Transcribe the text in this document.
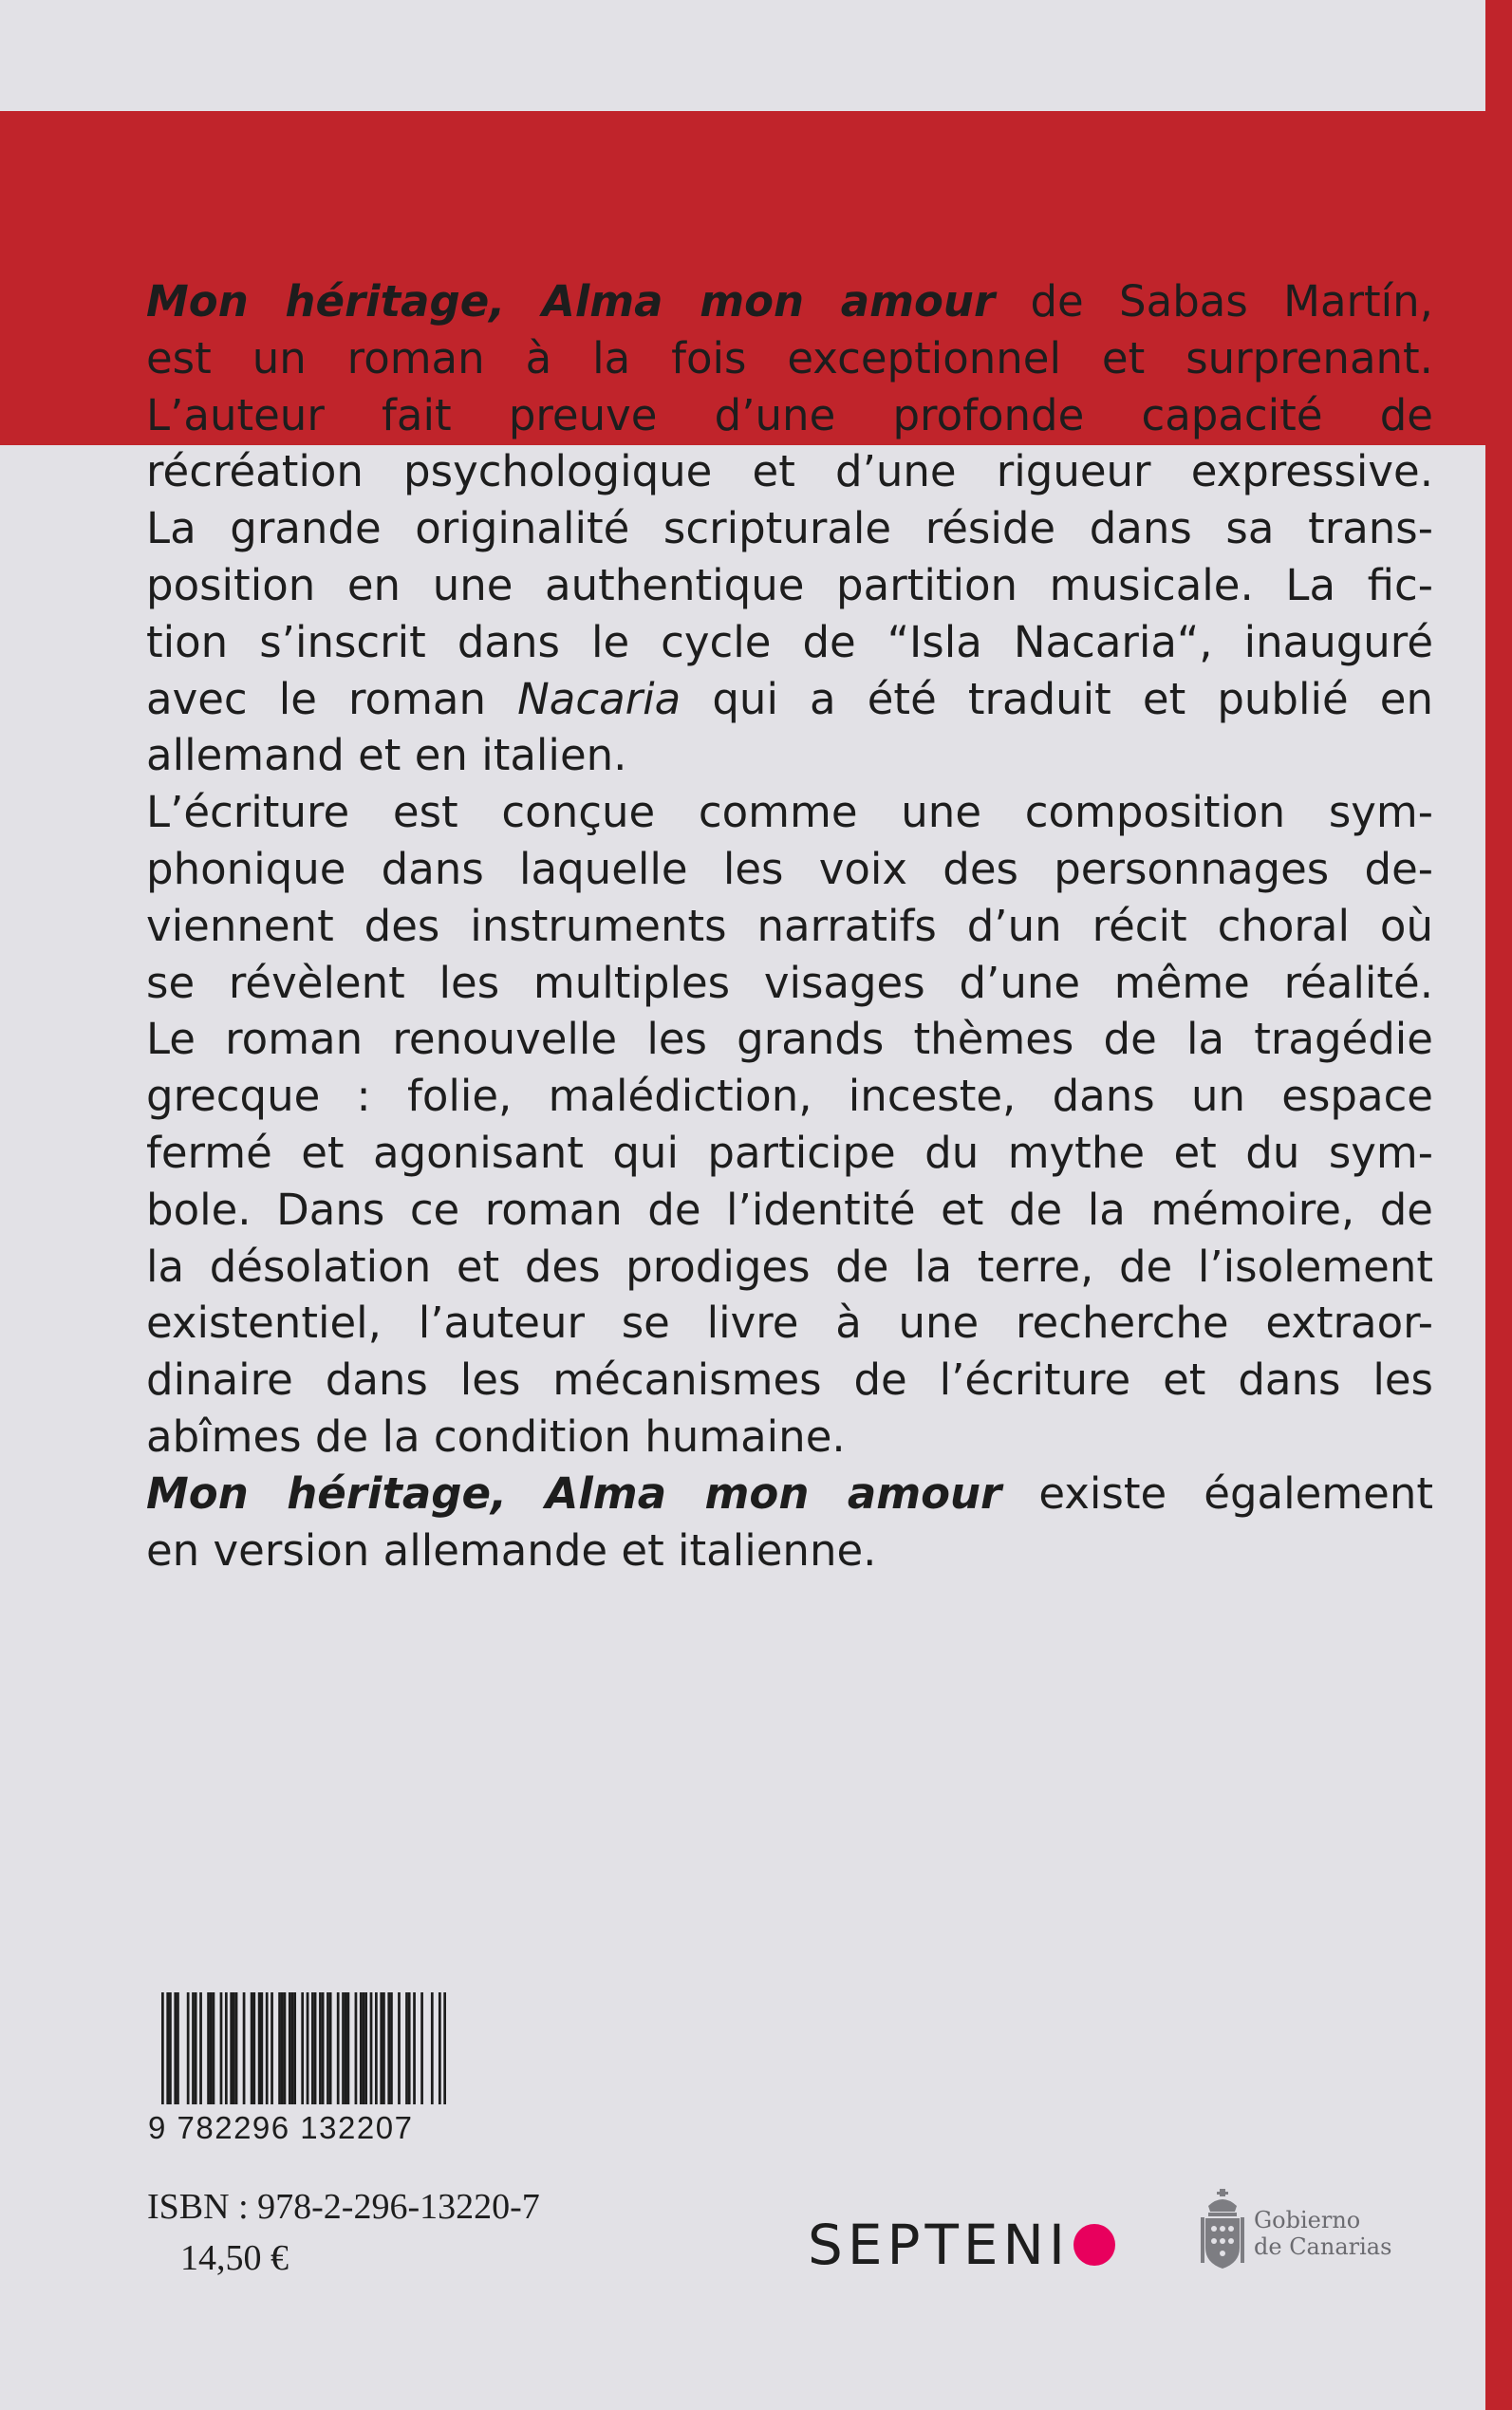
Mon héritage, Alma mon amour de Sabas Martín,
est un roman à la fois exceptionnel et surprenant.
L’auteur fait preuve d’une profonde capacité de
récréation psychologique et d’une rigueur expressive.
La grande originalité scripturale réside dans sa trans-
position en une authentique partition musicale. La fic-
tion s’inscrit dans le cycle de “Isla Nacaria“, inauguré
avec le roman Nacaria qui a été traduit et publié en
allemand et en italien.
L’écriture est conçue comme une composition sym-
phonique dans laquelle les voix des personnages de-
viennent des instruments narratifs d’un récit choral où
se révèlent les multiples visages d’une même réalité.
Le roman renouvelle les grands thèmes de la tragédie
grecque : folie, malédiction, inceste, dans un espace
fermé et agonisant qui participe du mythe et du sym-
bole. Dans ce roman de l’identité et de la mémoire, de
la désolation et des prodiges de la terre, de l’isolement
existentiel, l’auteur se livre à une recherche extraor-
dinaire dans les mécanismes de l’écriture et dans les
abîmes de la condition humaine.
Mon héritage, Alma mon amour existe également
en version allemande et italienne.
9 782296 132207
ISBN : 978-2-296-13220-7
14,50 €	SEPTENI	Gobierno
de Canarias
